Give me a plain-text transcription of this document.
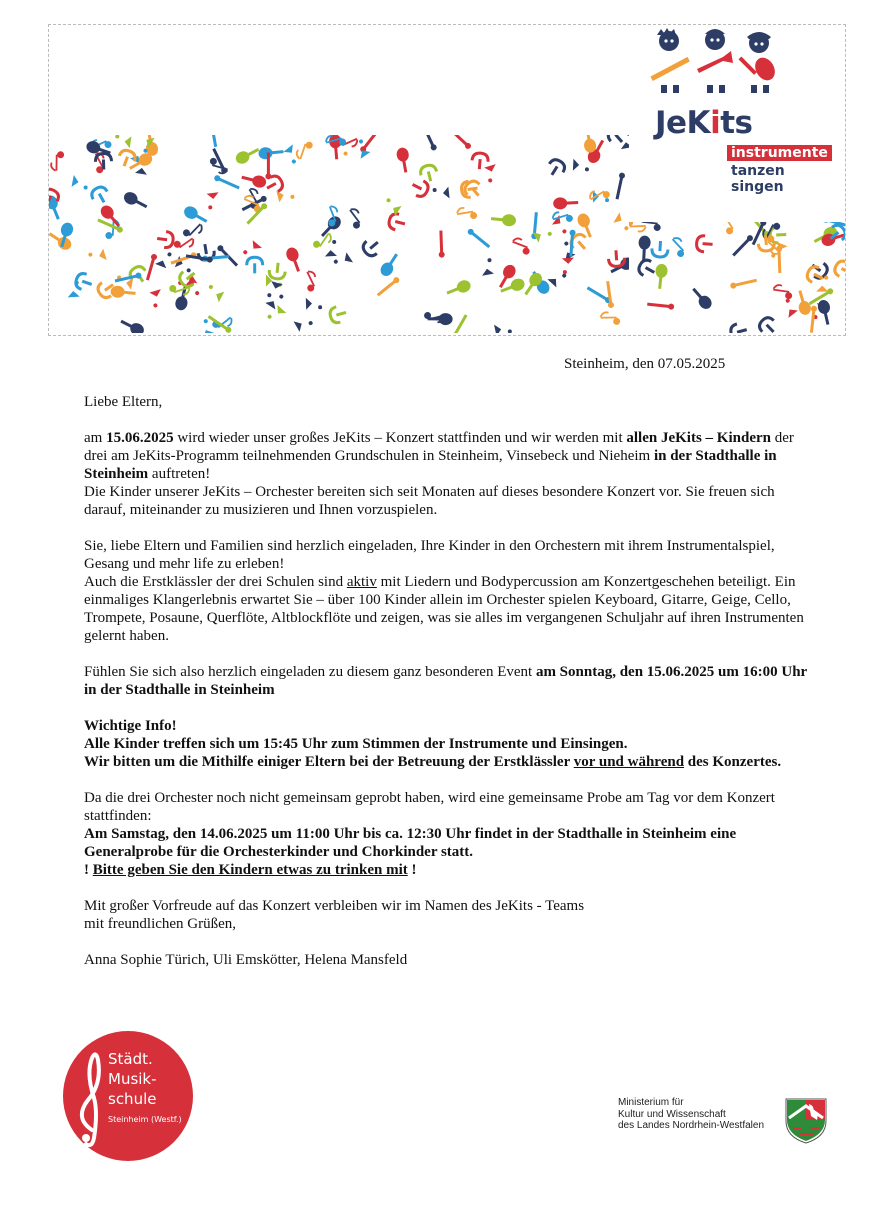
JeKits
instrumente
tanzen
singen
Steinheim, den 07.05.2025

Liebe Eltern,

am 15.06.2025 wird wieder unser großes JeKits – Konzert stattfinden und wir werden mit allen JeKits – Kindern der drei am JeKits-Programm teilnehmenden Grundschulen in Steinheim, Vinsebeck und Nieheim in der Stadthalle in Steinheim auftreten!
Die Kinder unserer JeKits – Orchester bereiten sich seit Monaten auf dieses besondere Konzert vor. Sie freuen sich darauf, miteinander zu musizieren und Ihnen vorzuspielen.

Sie, liebe Eltern und Familien sind herzlich eingeladen, Ihre Kinder in den Orchestern mit ihrem Instrumentalspiel, Gesang und mehr life zu erleben!
Auch die Erstklässler der drei Schulen sind aktiv mit Liedern und Bodypercussion am Konzertgeschehen beteiligt. Ein einmaliges Klangerlebnis erwartet Sie – über 100 Kinder allein im Orchester spielen Keyboard, Gitarre, Geige, Cello, Trompete, Posaune, Querflöte, Altblockflöte und zeigen, was sie alles im vergangenen Schuljahr auf ihren Instrumenten gelernt haben.

Fühlen Sie sich also herzlich eingeladen zu diesem ganz besonderen Event am Sonntag, den 15.06.2025 um 16:00 Uhr in der Stadthalle in Steinheim

Wichtige Info!
Alle Kinder treffen sich um 15:45 Uhr zum Stimmen der Instrumente und Einsingen.
Wir bitten um die Mithilfe einiger Eltern bei der Betreuung der Erstklässler vor und während des Konzertes.

Da die drei Orchester noch nicht gemeinsam geprobt haben, wird eine gemeinsame Probe am Tag vor dem Konzert stattfinden:
Am Samstag, den 14.06.2025 um 11:00 Uhr bis ca. 12:30 Uhr findet in der Stadthalle in Steinheim eine Generalprobe für die Orchesterkinder und Chorkinder statt.
! Bitte geben Sie den Kindern etwas zu trinken mit !

Mit großer Vorfreude auf das Konzert verbleiben wir im Namen des JeKits - Teams
mit freundlichen Grüßen,

Anna Sophie Türich, Uli Emskötter, Helena Mansfeld

Städt.
Musik-
schule
Steinheim (Westf.)
Ministerium für
Kultur und Wissenschaft
des Landes Nordrhein-Westfalen
